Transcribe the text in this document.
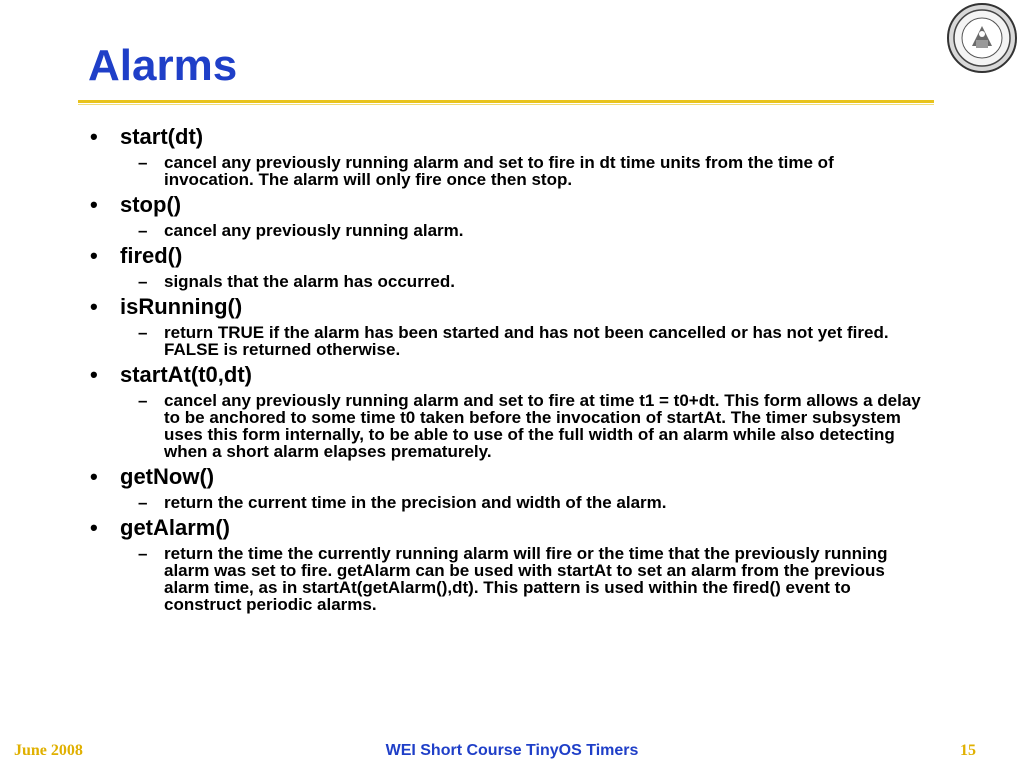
Alarms
• start(dt)
– cancel any previously running alarm and set to fire in dt time units from the time of invocation. The alarm will only fire once then stop.
• stop()
– cancel any previously running alarm.
• fired()
– signals that the alarm has occurred.
• isRunning()
– return TRUE if the alarm has been started and has not been cancelled or has not yet fired. FALSE is returned otherwise.
• startAt(t0,dt)
– cancel any previously running alarm and set to fire at time t1 = t0+dt. This form allows a delay to be anchored to some time t0 taken before the invocation of startAt. The timer subsystem uses this form internally, to be able to use of the full width of an alarm while also detecting when a short alarm elapses prematurely.
• getNow()
– return the current time in the precision and width of the alarm.
• getAlarm()
– return the time the currently running alarm will fire or the time that the previously running alarm was set to fire. getAlarm can be used with startAt to set an alarm from the previous alarm time, as in startAt(getAlarm(),dt). This pattern is used within the fired() event to construct periodic alarms.
June 2008	WEI Short Course TinyOS Timers	15
